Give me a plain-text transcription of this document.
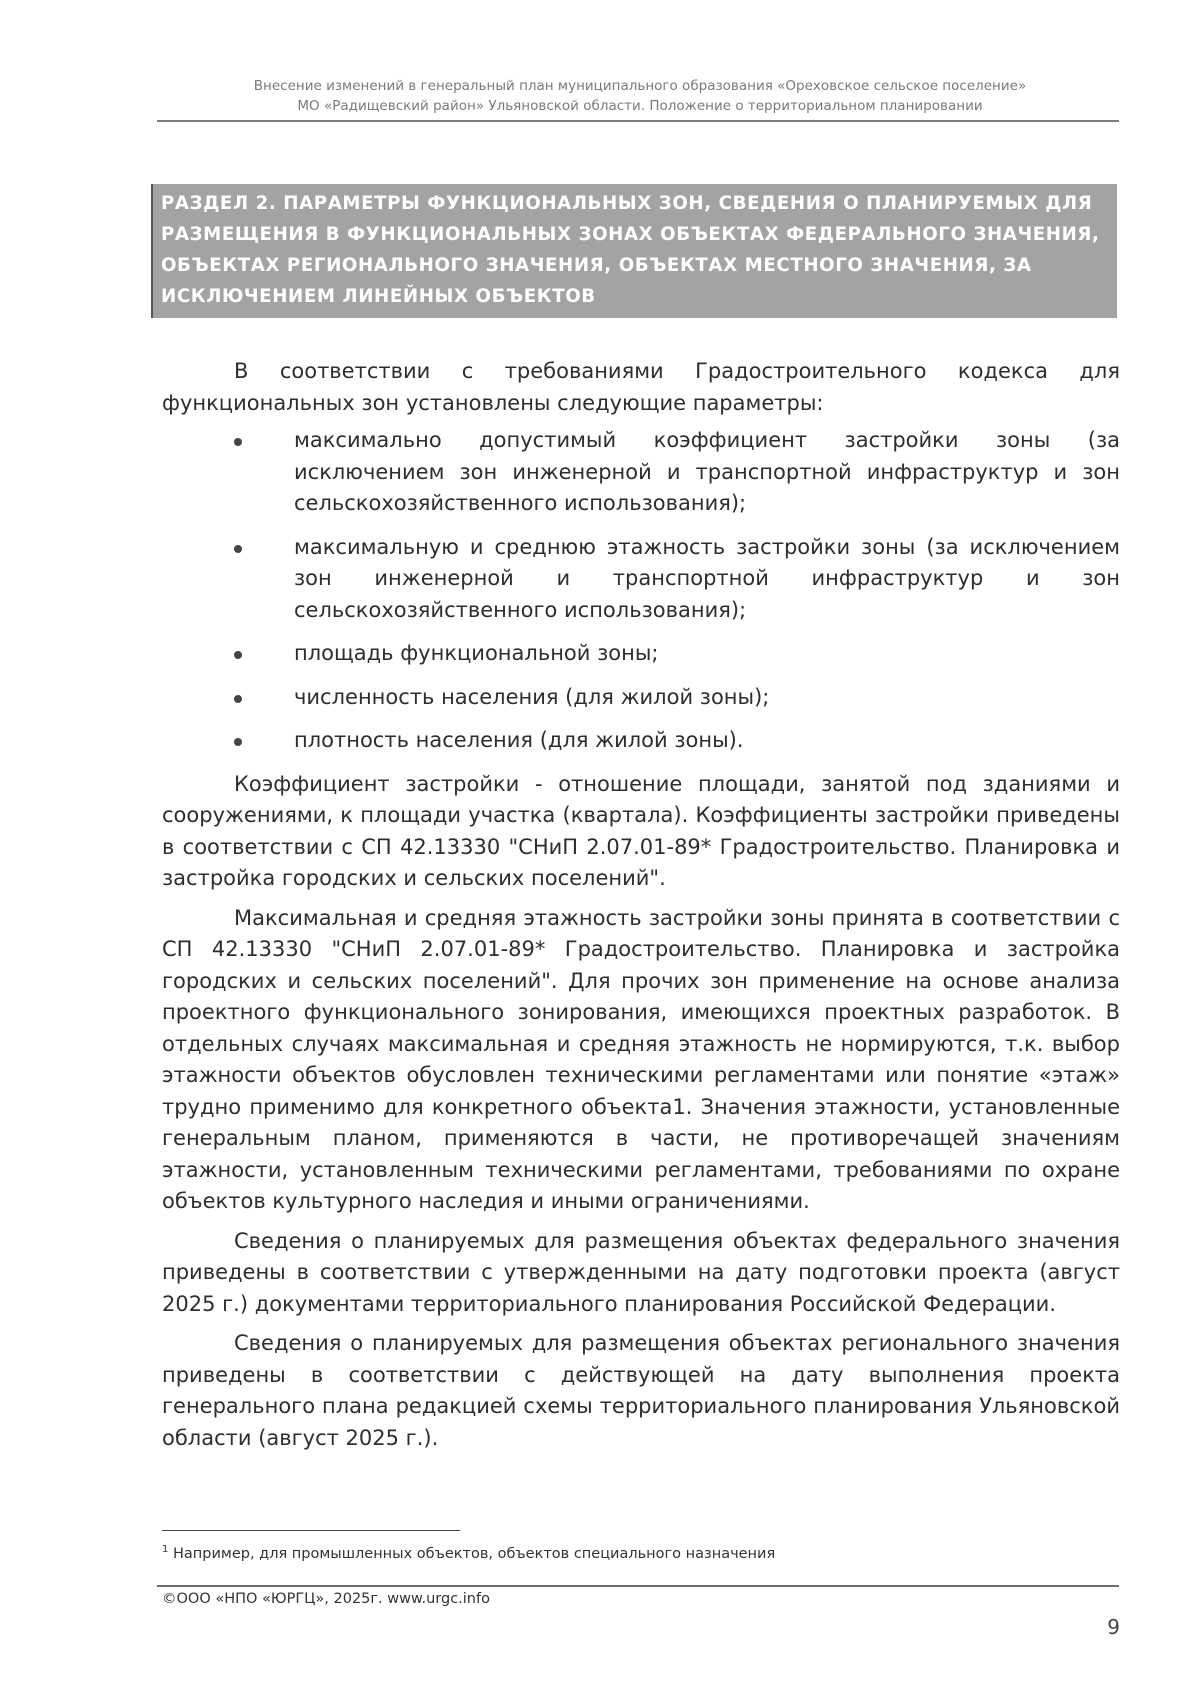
Внесение изменений в генеральный план муниципального образования «Ореховское сельское поселение»
МО «Радищевский район» Ульяновской области. Положение о территориальном планировании
РАЗДЕЛ 2. ПАРАМЕТРЫ ФУНКЦИОНАЛЬНЫХ ЗОН, СВЕДЕНИЯ О ПЛАНИРУЕМЫХ ДЛЯ РАЗМЕЩЕНИЯ В ФУНКЦИОНАЛЬНЫХ ЗОНАХ ОБЪЕКТАХ ФЕДЕРАЛЬНОГО ЗНАЧЕНИЯ, ОБЪЕКТАХ РЕГИОНАЛЬНОГО ЗНАЧЕНИЯ, ОБЪЕКТАХ МЕСТНОГО ЗНАЧЕНИЯ, ЗА ИСКЛЮЧЕНИЕМ ЛИНЕЙНЫХ ОБЪЕКТОВ

В соответствии с требованиями Градостроительного кодекса для функциональных зон установлены следующие параметры:

максимально допустимый коэффициент застройки зоны (за исключением зон инженерной и транспортной инфраструктур и зон сельскохозяйственного использования);
максимальную и среднюю этажность застройки зоны (за исключением зон инженерной и транспортной инфраструктур и зон сельскохозяйственного использования);
площадь функциональной зоны;
численность населения (для жилой зоны);
плотность населения (для жилой зоны).

Коэффициент застройки - отношение площади, занятой под зданиями и сооружениями, к площади участка (квартала). Коэффициенты застройки приведены в соответствии с СП 42.13330 "СНиП 2.07.01-89* Градостроительство. Планировка и застройка городских и сельских поселений".

Максимальная и средняя этажность застройки зоны принята в соответствии с СП 42.13330 "СНиП 2.07.01-89* Градостроительство. Планировка и застройка городских и сельских поселений". Для прочих зон применение на основе анализа проектного функционального зонирования, имеющихся проектных разработок. В отдельных случаях максимальная и средняя этажность не нормируются, т.к. выбор этажности объектов обусловлен техническими регламентами или понятие «этаж» трудно применимо для конкретного объекта1. Значения этажности, установленные генеральным планом, применяются в части, не противоречащей значениям этажности, установленным техническими регламентами, требованиями по охране объектов культурного наследия и иными ограничениями.

Сведения о планируемых для размещения объектах федерального значения приведены в соответствии с утвержденными на дату подготовки проекта (август 2025 г.) документами территориального планирования Российской Федерации.

Сведения о планируемых для размещения объектах регионального значения приведены в соответствии с действующей на дату выполнения проекта генерального плана редакцией схемы территориального планирования Ульяновской области (август 2025 г.).

$^1$ Например, для промышленных объектов, объектов специального назначения
©ООО «НПО «ЮРГЦ», 2025г. www.urgc.info
9
